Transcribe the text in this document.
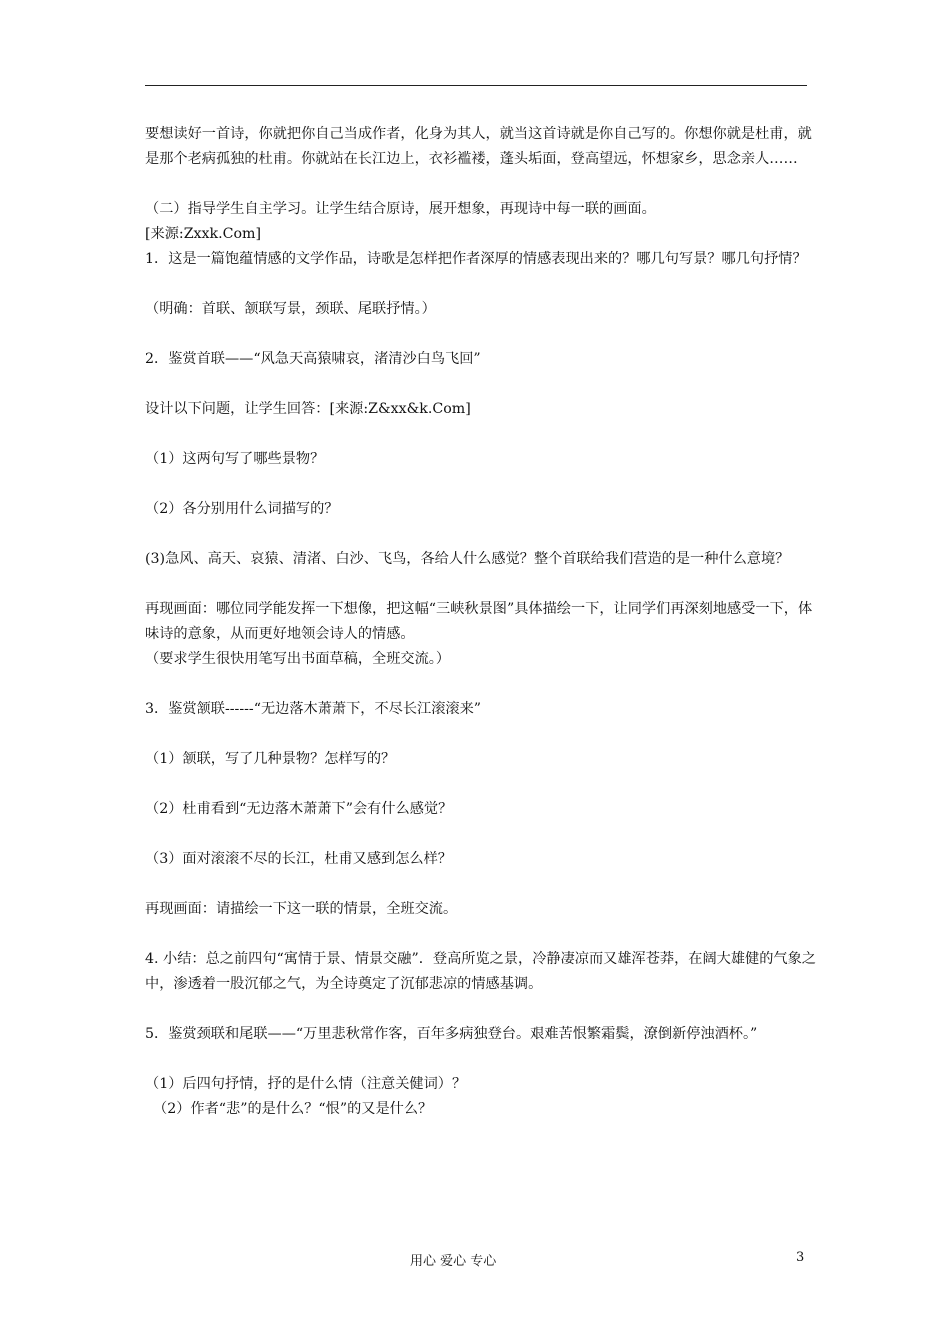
要想读好一首诗，你就把你自己当成作者，化身为其人，就当这首诗就是你自己写的。你想你就是杜甫，就是那个老病孤独的杜甫。你就站在长江边上，衣衫褴褛，蓬头垢面，登高望远，怀想家乡，思念亲人……

（二）指导学生自主学习。让学生结合原诗，展开想象，再现诗中每一联的画面。

[来源:Zxxk.Com]

1．这是一篇饱蕴情感的文学作品，诗歌是怎样把作者深厚的情感表现出来的？哪几句写景？哪几句抒情？

（明确：首联、颔联写景，颈联、尾联抒情。）

2．鉴赏首联——“风急天高猿啸哀，渚清沙白鸟飞回”

设计以下问题，让学生回答：[来源:Z&xx&k.Com]

（1）这两句写了哪些景物？

（2）各分别用什么词描写的？

(3)急风、高天、哀猿、清渚、白沙、飞鸟，各给人什么感觉？整个首联给我们营造的是一种什么意境？

再现画面：哪位同学能发挥一下想像，把这幅“三峡秋景图”具体描绘一下，让同学们再深刻地感受一下，体味诗的意象，从而更好地领会诗人的情感。

（要求学生很快用笔写出书面草稿，全班交流。）

3．鉴赏颔联------“无边落木萧萧下，不尽长江滚滚来”

（1）颔联，写了几种景物？怎样写的？

（2）杜甫看到“无边落木萧萧下”会有什么感觉？

（3）面对滚滚不尽的长江，杜甫又感到怎么样？

再现画面：请描绘一下这一联的情景，全班交流。

4. 小结：总之前四句“寓情于景、情景交融”．登高所览之景，冷静凄凉而又雄浑苍莽，在阔大雄健的气象之中，渗透着一股沉郁之气，为全诗奠定了沉郁悲凉的情感基调。

5．鉴赏颈联和尾联——“万里悲秋常作客，百年多病独登台。艰难苦恨繁霜鬓，潦倒新停浊酒杯。”

（1）后四句抒情，抒的是什么情（注意关健词）？

（2）作者“悲”的是什么？“恨”的又是什么？

用心 爱心 专心	3
